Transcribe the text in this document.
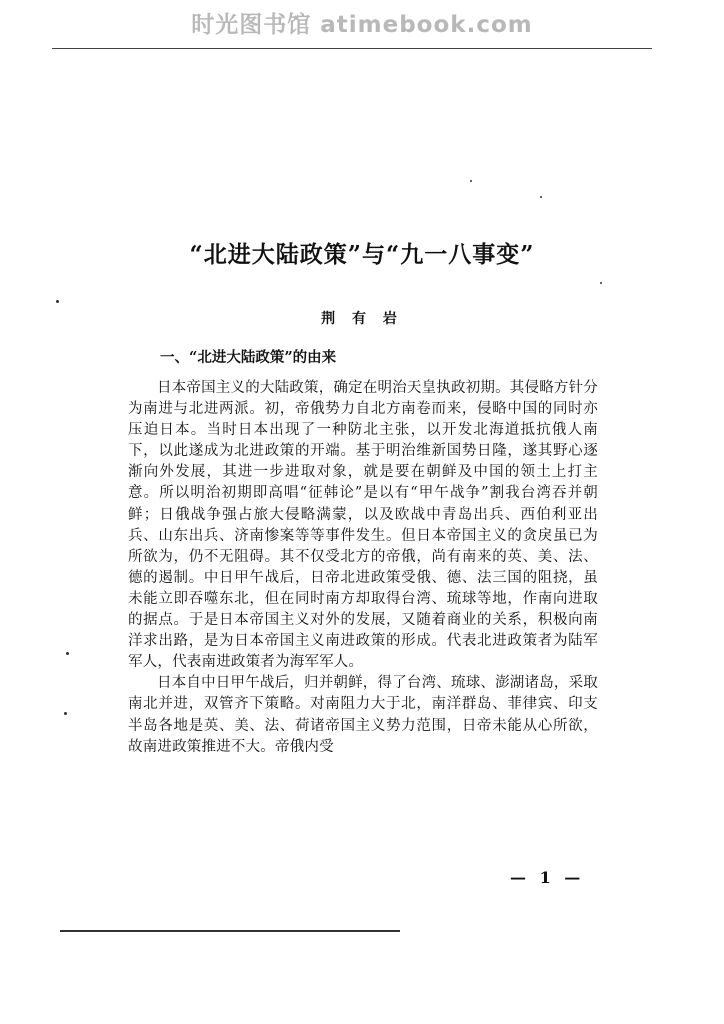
时光图书馆 atimebook.com
“北进大陆政策”与“九一八事变”
荆 有 岩
一、“北进大陆政策”的由来

日本帝国主义的大陆政策，确定在明治天皇执政初期。其侵略方针分为南进与北进两派。初，帝俄势力自北方南卷而来，侵略中国的同时亦压迫日本。当时日本出现了一种防北主张，以开发北海道抵抗俄人南下，以此遂成为北进政策的开端。基于明治维新国势日隆，遂其野心逐渐向外发展，其进一步进取对象，就是要在朝鲜及中国的领土上打主意。所以明治初期即高唱“征韩论”是以有“甲午战争”割我台湾吞并朝鲜；日俄战争强占旅大侵略满蒙，以及欧战中青岛出兵、西伯利亚出兵、山东出兵、济南惨案等等事件发生。但日本帝国主义的贪戾虽已为所欲为，仍不无阻碍。其不仅受北方的帝俄，尚有南来的英、美、法、德的遏制。中日甲午战后，日帝北进政策受俄、德、法三国的阻挠，虽未能立即吞噬东北，但在同时南方却取得台湾、琉球等地，作南向进取的据点。于是日本帝国主义对外的发展，又随着商业的关系，积极向南洋求出路，是为日本帝国主义南进政策的形成。代表北进政策者为陆军军人，代表南进政策者为海军军人。

日本自中日甲午战后，归并朝鲜，得了台湾、琉球、澎湖诸岛，采取南北并进，双管齐下策略。对南阻力大于北，南洋群岛、菲律宾、印支半岛各地是英、美、法、荷诸帝国主义势力范围，日帝未能从心所欲，故南进政策推进不大。帝俄内受

— 1 —
